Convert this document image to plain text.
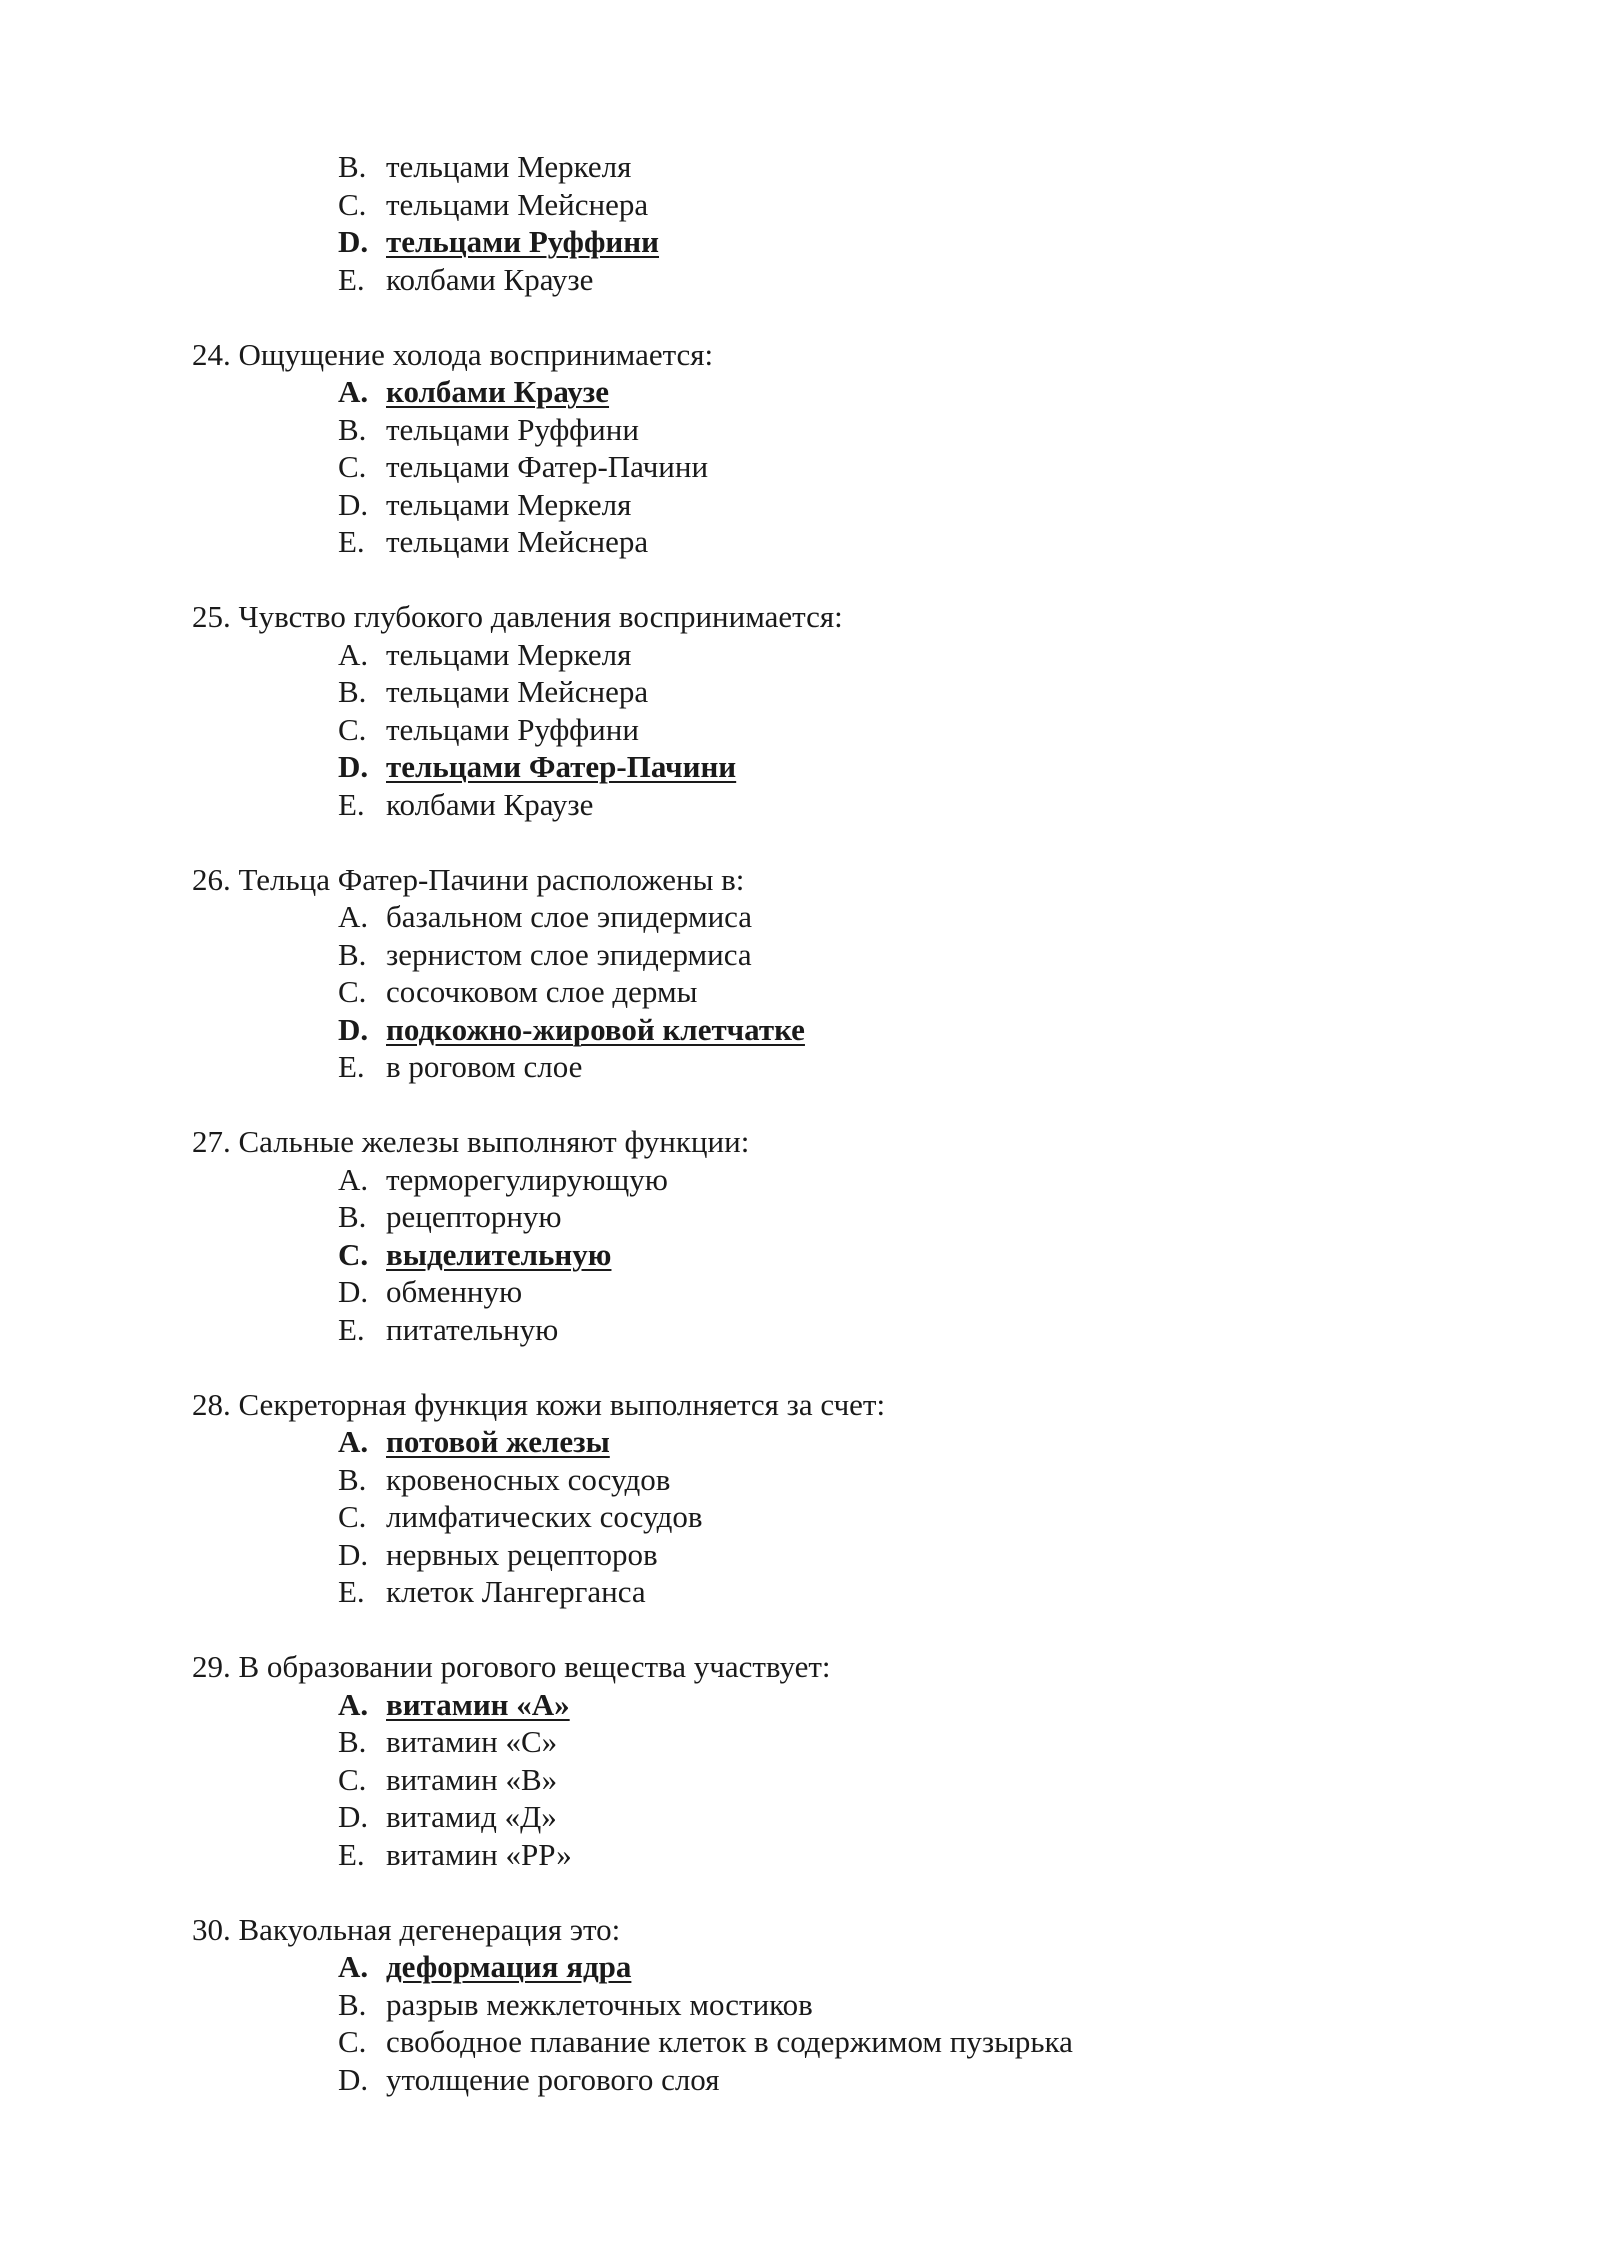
B. тельцами Меркеля
C. тельцами Мейснера
D. тельцами Руффини
E. колбами Краузе
24. Ощущение холода воспринимается:
A. колбами Краузе
B. тельцами Руффини
C. тельцами Фатер-Пачини
D. тельцами Меркеля
E. тельцами Мейснера
25. Чувство глубокого давления воспринимается:
A. тельцами Меркеля
B. тельцами Мейснера
C. тельцами Руффини
D. тельцами Фатер-Пачини
E. колбами Краузе
26. Тельца Фатер-Пачини расположены в:
A. базальном слое эпидермиса
B. зернистом слое эпидермиса
C. сосочковом слое дермы
D. подкожно-жировой клетчатке
E. в роговом слое
27. Сальные железы выполняют функции:
A. терморегулирующую
B. рецепторную
C. выделительную
D. обменную
E. питательную
28. Секреторная функция кожи выполняется за счет:
A. потовой железы
B. кровеносных сосудов
C. лимфатических сосудов
D. нервных рецепторов
E. клеток Лангерганса
29. В образовании рогового вещества участвует:
A. витамин «А»
B. витамин «С»
C. витамин «В»
D. витамид «Д»
E. витамин «РР»
30. Вакуольная дегенерация это:
A. деформация ядра
B. разрыв межклеточных мостиков
C. свободное плавание клеток в содержимом пузырька
D. утолщение рогового слоя
